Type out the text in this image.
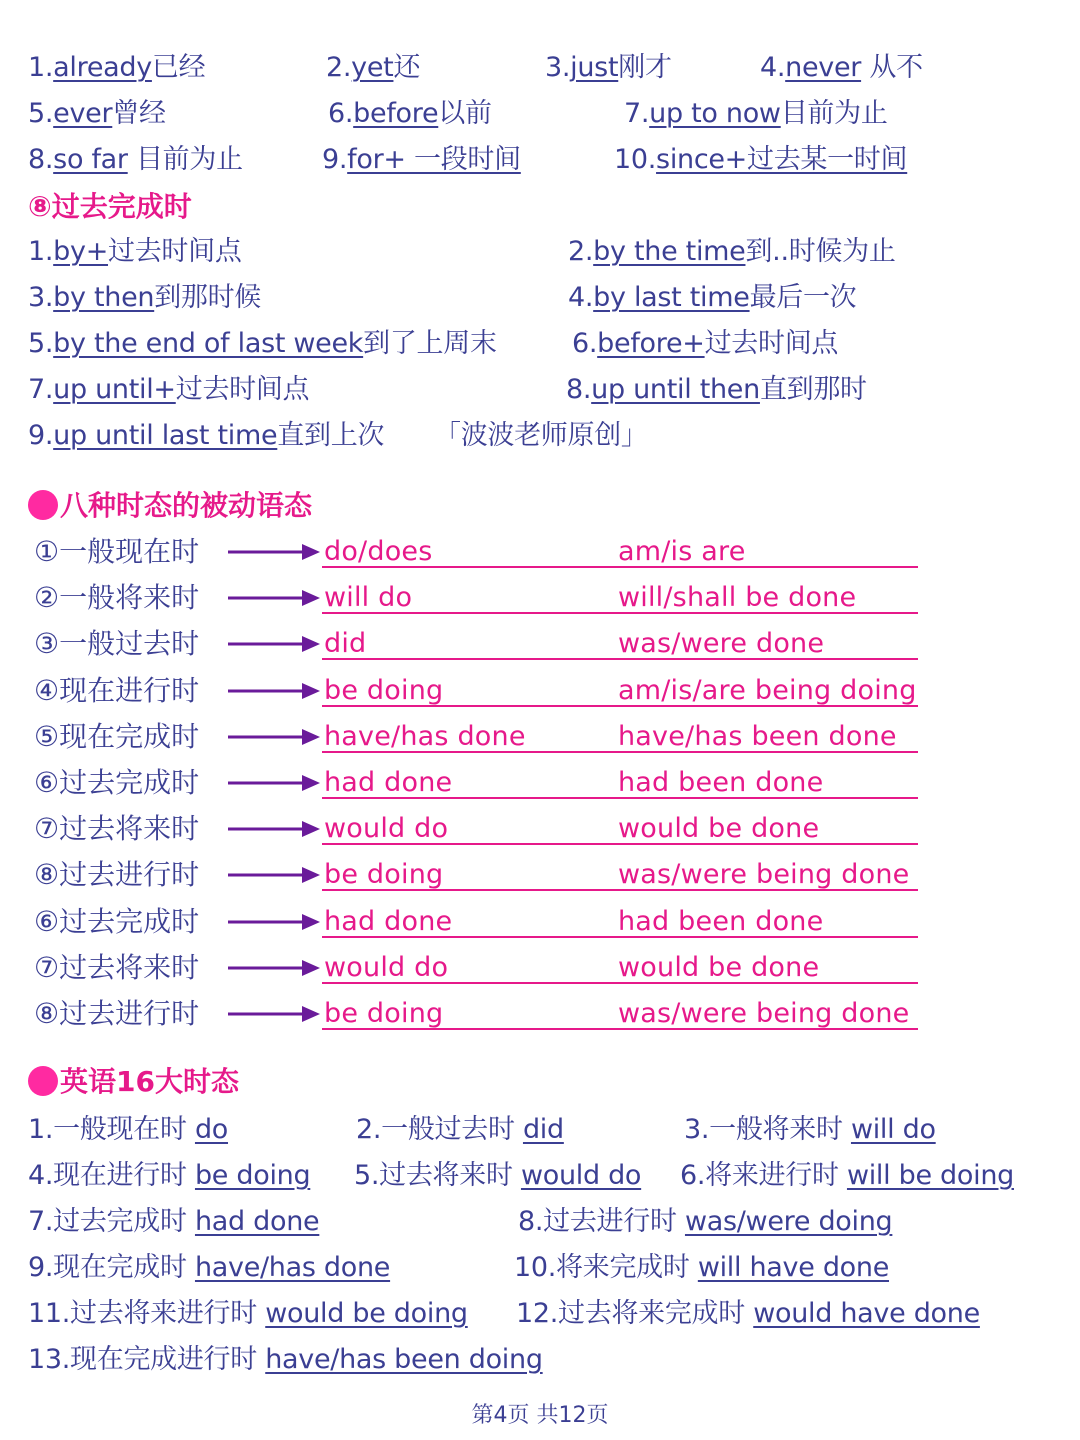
1.already已经	2.yet还	3.just刚才	4.never 从不
5.ever曾经	6.before以前	7.up to now目前为止
8.so far 目前为止	9.for+ 一段时间	10.since+过去某一时间
⑧过去完成时
1.by+过去时间点	2.by the time到..时候为止
3.by then到那时候	4.by last time最后一次
5.by the end of last week到了上周末	6.before+过去时间点
7.up until+过去时间点	8.up until then直到那时
9.up until last time直到上次 「波波老师原创」
八种时态的被动语态
①一般现在时	do/does	am/is are
②一般将来时	will do	will/shall be done
③一般过去时	did	was/were done
④现在进行时	be doing	am/is/are being doing
⑤现在完成时	have/has done	have/has been done
⑥过去完成时	had done	had been done
⑦过去将来时	would do	would be done
⑧过去进行时	be doing	was/were being done
⑥过去完成时	had done	had been done
⑦过去将来时	would do	would be done
⑧过去进行时	be doing	was/were being done
英语16大时态
1.一般现在时 do	2.一般过去时 did	3.一般将来时 will do
4.现在进行时 be doing 5.过去将来时 would do 6.将来进行时 will be doing
7.过去完成时 had done	8.过去进行时 was/were doing
9.现在完成时 have/has done	10.将来完成时 will have done
11.过去将来进行时 would be doing 12.过去将来完成时 would have done
13.现在完成进行时 have/has been doing
第4页 共12页
